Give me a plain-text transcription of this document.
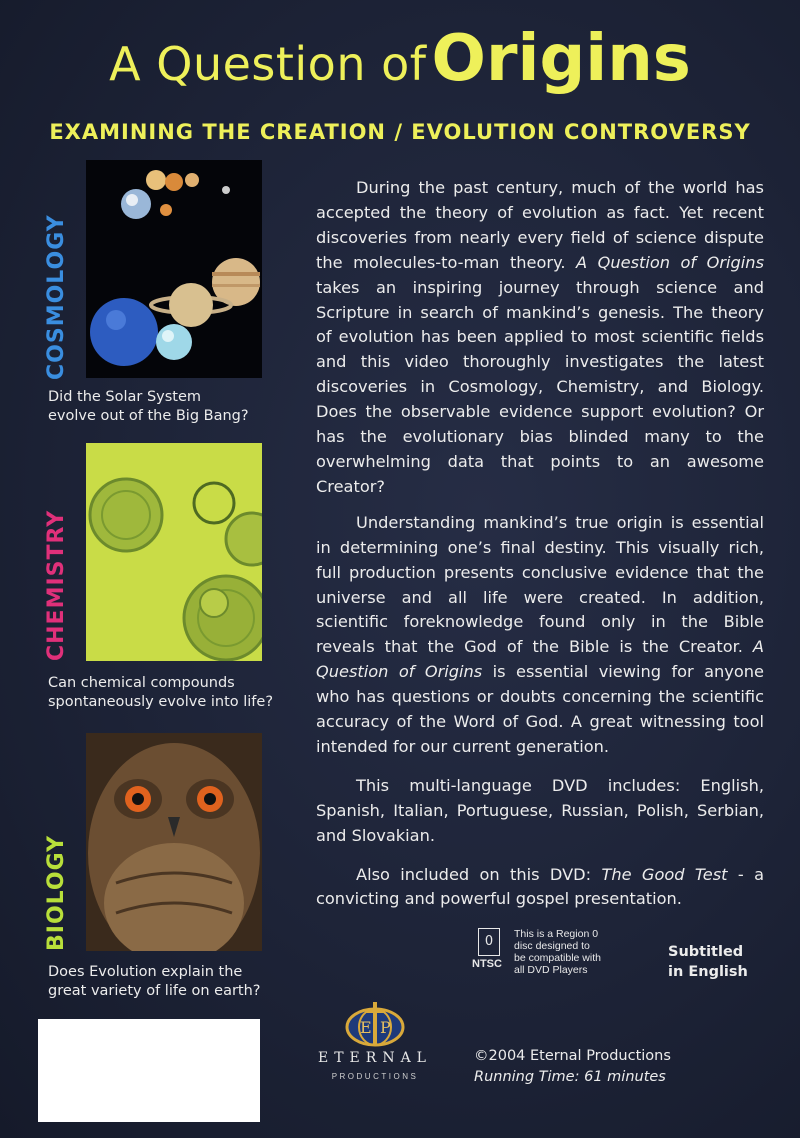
A Question of Origins
EXAMINING THE CREATION / EVOLUTION CONTROVERSY
COSMOLOGY
Did the Solar System
evolve out of the Big Bang?
CHEMISTRY
Can chemical compounds
spontaneously evolve into life?
BIOLOGY
Does Evolution explain the
great variety of life on earth?

During the past century, much of the world has accepted the theory of evolution as fact. Yet recent discoveries from nearly every field of science dispute the molecules-to-man theory. A Question of Origins takes an inspiring journey through science and Scripture in search of mankind’s genesis. The theory of evolution has been applied to most scientific fields and this video thoroughly investigates the latest discoveries in Cosmology, Chemistry, and Biology. Does the observable evidence support evolution? Or has the evolutionary bias blinded many to the overwhelming data that points to an awesome Creator?

Understanding mankind’s true origin is essential in determining one’s final destiny. This visually rich, full production presents conclusive evidence that the universe and all life were created. In addition, scientific foreknowledge found only in the Bible reveals that the God of the Bible is the Creator. A Question of Origins is essential viewing for anyone who has questions or doubts concerning the scientific accuracy of the Word of God. A great witnessing tool intended for our current generation.

This multi-language DVD includes: English, Spanish, Italian, Portuguese, Russian, Polish, Serbian, and Slovakian.

Also included on this DVD: The Good Test - a convicting and powerful gospel presentation.

0
NTSC
This is a Region 0
disc designed to
be compatible with
all DVD Players
Subtitled
in English
E P
ETERNAL
PRODUCTIONS
©2004 Eternal Productions
Running Time: 61 minutes
